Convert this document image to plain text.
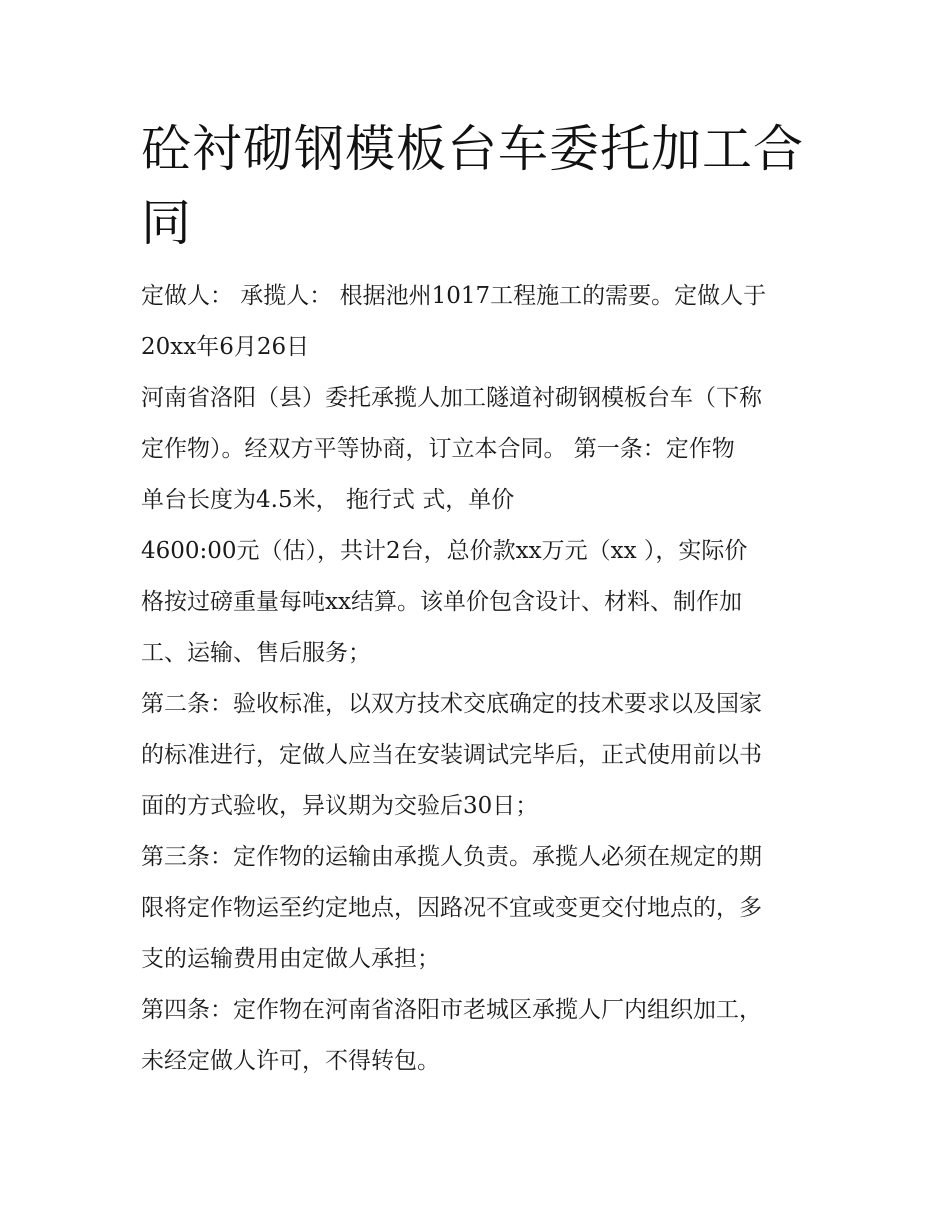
砼衬砌钢模板台车委托加工合
同

定做人： 承揽人： 根据池州1017工程施工的需要。定做人于

20xx年6月26日

河南省洛阳（县）委托承揽人加工隧道衬砌钢模板台车（下称

定作物）。经双方平等协商，订立本合同。 第一条：定作物

单台长度为4.5米， 拖行式 式，单价

4600:00元（估），共计2台，总价款xx万元（xx ），实际价

格按过磅重量每吨xx结算。该单价包含设计、材料、制作加

工、运输、售后服务；

第二条：验收标准，以双方技术交底确定的技术要求以及国家

的标准进行，定做人应当在安装调试完毕后，正式使用前以书

面的方式验收，异议期为交验后30日；

第三条：定作物的运输由承揽人负责。承揽人必须在规定的期

限将定作物运至约定地点，因路况不宜或变更交付地点的，多

支的运输费用由定做人承担；

第四条：定作物在河南省洛阳市老城区承揽人厂内组织加工，

未经定做人许可，不得转包。
